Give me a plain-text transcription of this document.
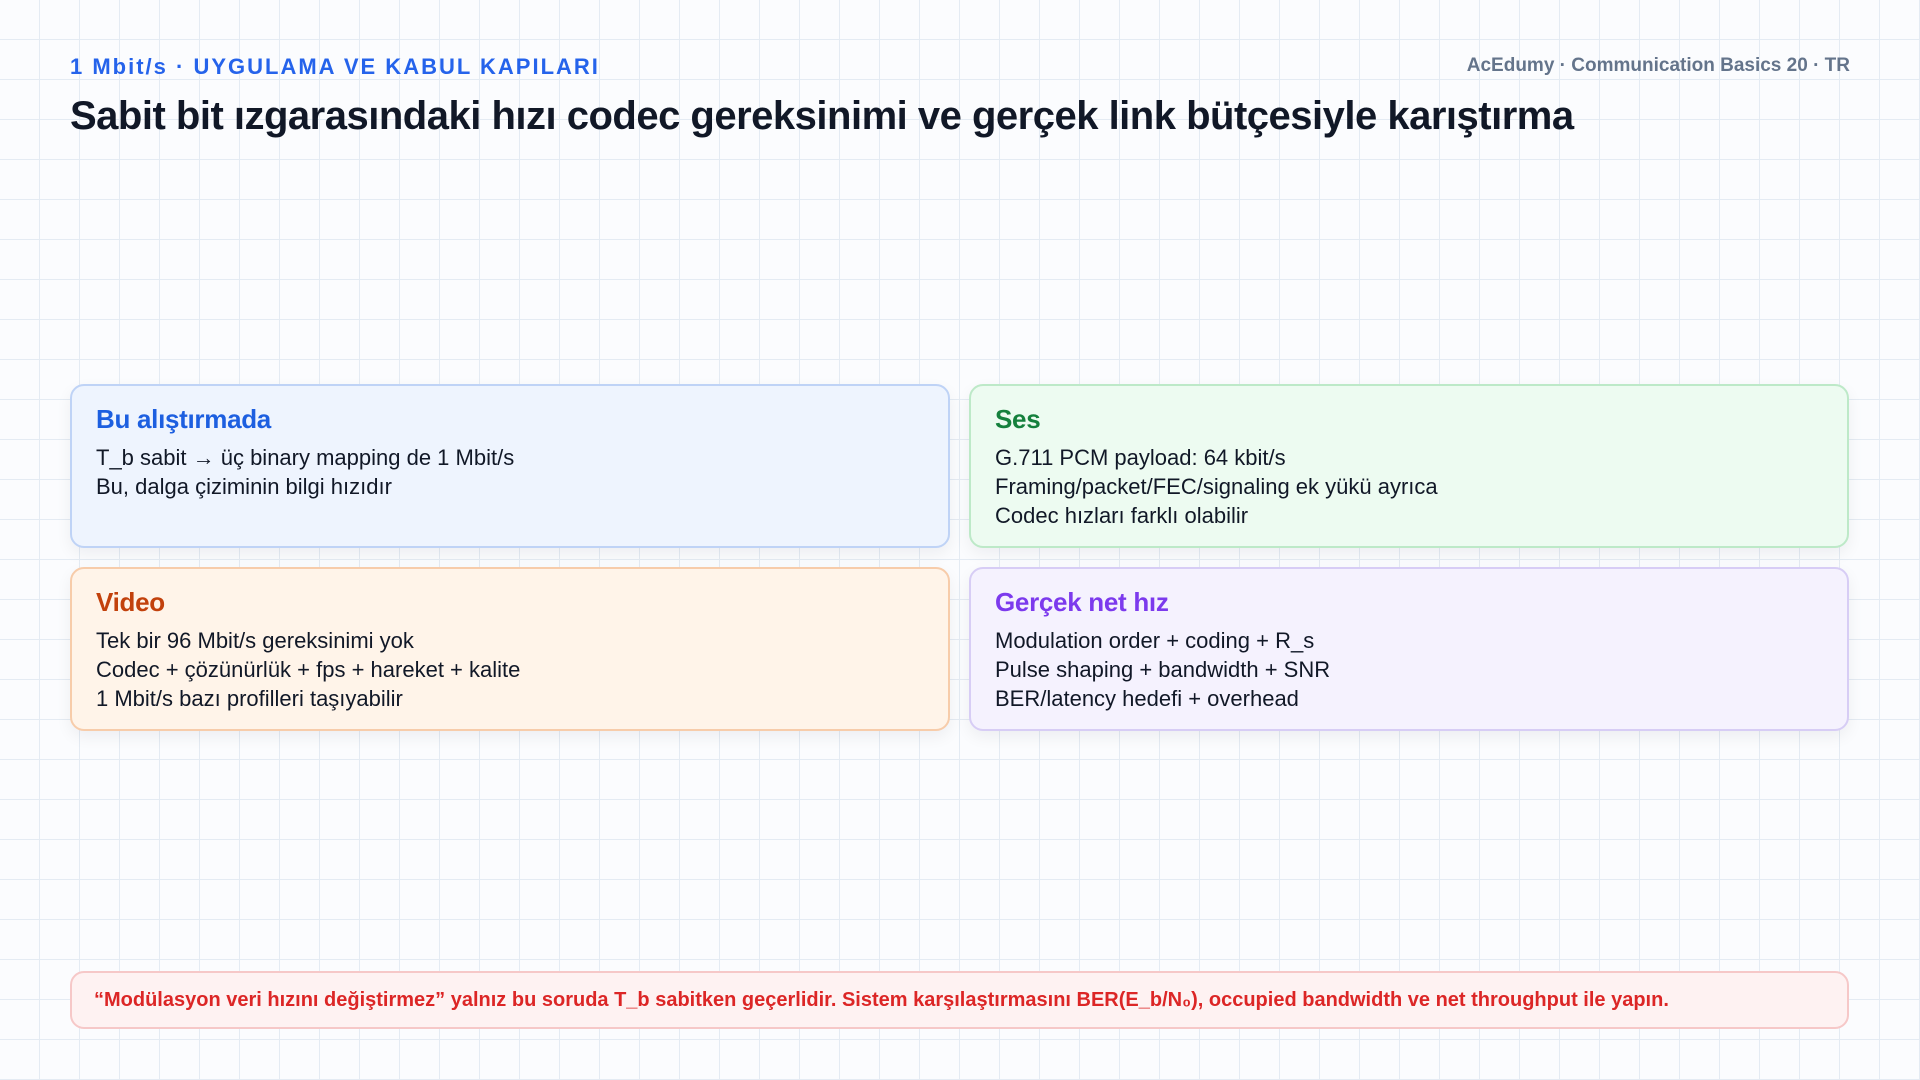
1 Mbit/s · UYGULAMA VE KABUL KAPILARI	AcEdumy · Communication Basics 20 · TR
Sabit bit ızgarasındaki hızı codec gereksinimi ve gerçek link bütçesiyle karıştırma
Bu alıştırmada
T_b sabit → üç binary mapping de 1 Mbit/s
Bu, dalga çiziminin bilgi hızıdır
Ses
G.711 PCM payload: 64 kbit/s
Framing/packet/FEC/signaling ek yükü ayrıca
Codec hızları farklı olabilir
Video
Tek bir 96 Mbit/s gereksinimi yok
Codec + çözünürlük + fps + hareket + kalite
1 Mbit/s bazı profilleri taşıyabilir
Gerçek net hız
Modulation order + coding + R_s
Pulse shaping + bandwidth + SNR
BER/latency hedefi + overhead
“Modülasyon veri hızını değiştirmez” yalnız bu soruda T_b sabitken geçerlidir. Sistem karşılaştırmasını BER(E_b/N₀), occupied bandwidth ve net throughput ile yapın.
